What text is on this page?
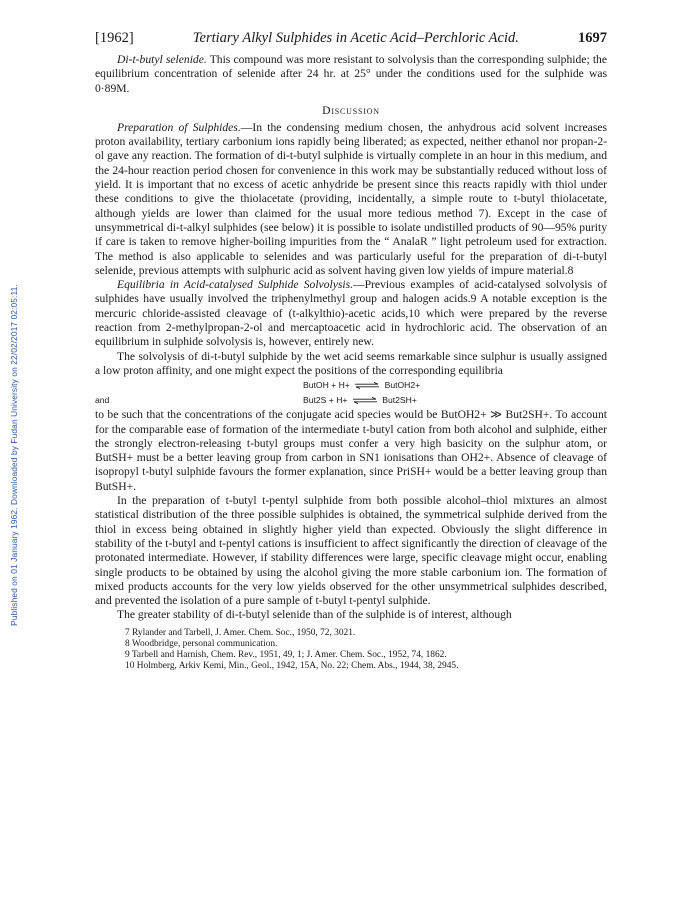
Published on 01 January 1962. Downloaded by Fudan University on 22/02/2017 02:05:11.
[1962]	Tertiary Alkyl Sulphides in Acetic Acid–Perchloric Acid.	1697

Di-t-butyl selenide. This compound was more resistant to solvolysis than the corresponding sulphide; the equilibrium concentration of selenide after 24 hr. at 25° under the conditions used for the sulphide was 0·89M.

Discussion

Preparation of Sulphides.—In the condensing medium chosen, the anhydrous acid solvent increases proton availability, tertiary carbonium ions rapidly being liberated; as expected, neither ethanol nor propan-2-ol gave any reaction. The formation of di-t-butyl sulphide is virtually complete in an hour in this medium, and the 24-hour reaction period chosen for convenience in this work may be substantially reduced without loss of yield. It is important that no excess of acetic anhydride be present since this reacts rapidly with thiol under these conditions to give the thiolacetate (providing, incidentally, a simple route to t-butyl thiolacetate, although yields are lower than claimed for the usual more tedious method 7). Except in the case of unsymmetrical di-t-alkyl sulphides (see below) it is possible to isolate undistilled products of 90—95% purity if care is taken to remove higher-boiling impurities from the “ AnalaR ” light petroleum used for extraction. The method is also applicable to selenides and was particularly useful for the preparation of di-t-butyl selenide, previous attempts with sulphuric acid as solvent having given low yields of impure material.8

Equilibria in Acid-catalysed Sulphide Solvolysis.—Previous examples of acid-catalysed solvolysis of sulphides have usually involved the triphenylmethyl group and halogen acids.9 A notable exception is the mercuric chloride-assisted cleavage of (t-alkylthio)-acetic acids,10 which were prepared by the reverse reaction from 2-methylpropan-2-ol and mercaptoacetic acid in hydrochloric acid. The observation of an equilibrium in sulphide solvolysis is, however, entirely new.

The solvolysis of di-t-butyl sulphide by the wet acid seems remarkable since sulphur is usually assigned a low proton affinity, and one might expect the positions of the corresponding equilibria

ButOH + H+ ⇌ ButOH2+
and	But2S + H+ ⇌ But2SH+

to be such that the concentrations of the conjugate acid species would be ButOH2+ ≫ But2SH+. To account for the comparable ease of formation of the intermediate t-butyl cation from both alcohol and sulphide, either the strongly electron-releasing t-butyl groups must confer a very high basicity on the sulphur atom, or ButSH+ must be a better leaving group from carbon in SN1 ionisations than OH2+. Absence of cleavage of isopropyl t-butyl sulphide favours the former explanation, since PriSH+ would be a better leaving group than ButSH+.

In the preparation of t-butyl t-pentyl sulphide from both possible alcohol–thiol mixtures an almost statistical distribution of the three possible sulphides is obtained, the symmetrical sulphide derived from the thiol in excess being obtained in slightly higher yield than expected. Obviously the slight difference in stability of the t-butyl and t-pentyl cations is insufficient to affect significantly the direction of cleavage of the protonated intermediate. However, if stability differences were large, specific cleavage might occur, enabling single products to be obtained by using the alcohol giving the more stable carbonium ion. The formation of mixed products accounts for the very low yields observed for the other unsymmetrical sulphides described, and prevented the isolation of a pure sample of t-butyl t-pentyl sulphide.

The greater stability of di-t-butyl selenide than of the sulphide is of interest, although

7 Rylander and Tarbell, J. Amer. Chem. Soc., 1950, 72, 3021.
8 Woodbridge, personal communication.
9 Tarbell and Harnish, Chem. Rev., 1951, 49, 1; J. Amer. Chem. Soc., 1952, 74, 1862.
10 Holmberg, Arkiv Kemi, Min., Geol., 1942, 15A, No. 22; Chem. Abs., 1944, 38, 2945.
